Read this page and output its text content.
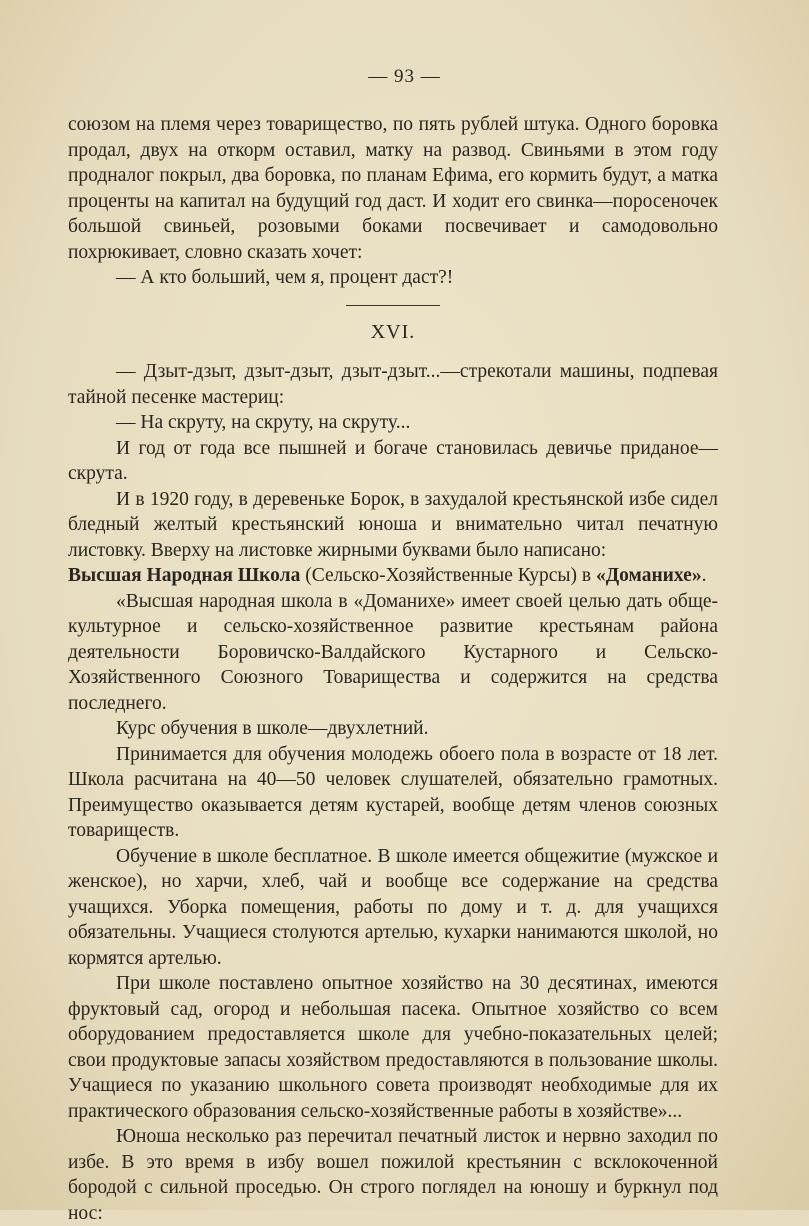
— 93 —

союзом на племя через товарищество, по пять рублей штука. Одного боровка продал, двух на откорм оставил, матку на развод. Свиньями в этом году продналог покрыл, два боровка, по планам Ефима, его кормить будут, а матка проценты на капитал на будущий год даст. И ходит его свинка—поросеночек большой свиньей, розовыми боками посвечивает и самодовольно похрюкивает, словно сказать хочет:

— А кто больший, чем я, процент даст?!

XVI.

— Дзыт-дзыт, дзыт-дзыт, дзыт-дзыт...—стрекотали машины, подпевая тайной песенке мастериц:

— На скруту, на скруту, на скруту...

И год от года все пышней и богаче становилась девичье приданое—скрута.

И в 1920 году, в деревеньке Борок, в захудалой крестьянской избе сидел бледный желтый крестьянский юноша и внимательно читал печатную листовку. Вверху на листовке жирными буквами было написано:

Высшая Народная Школа (Сельско-Хозяйственные Курсы) в «Доманихе».

«Высшая народная школа в «Доманихе» имеет своей целью дать обще-культурное и сельско-хозяйственное развитие крестьянам района деятельности Боровичско-Валдайского Кустарного и Сельско-Хозяйственного Союзного Товарищества и содержится на средства последнего.

Курс обучения в школе—двухлетний.

Принимается для обучения молодежь обоего пола в возрасте от 18 лет. Школа расчитана на 40—50 человек слушателей, обязательно грамотных. Преимущество оказывается детям кустарей, вообще детям членов союзных товариществ.

Обучение в школе бесплатное. В школе имеется общежитие (мужское и женское), но харчи, хлеб, чай и вообще все содержание на средства учащихся. Уборка помещения, работы по дому и т. д. для учащихся обязательны. Учащиеся столуются артелью, кухарки нанимаются школой, но кормятся артелью.

При школе поставлено опытное хозяйство на 30 десятинах, имеются фруктовый сад, огород и небольшая пасека. Опытное хозяйство со всем оборудованием предоставляется школе для учебно-показательных целей; свои продуктовые запасы хозяйством предоставляются в пользование школы. Учащиеся по указанию школьного совета производят необходимые для их практического образования сельско-хозяйственные работы в хозяйстве»...

Юноша несколько раз перечитал печатный листок и нервно заходил по избе. В это время в избу вошел пожилой крестьянин с всклокоченной бородой с сильной проседью. Он строго поглядел на юношу и буркнул под нос:
